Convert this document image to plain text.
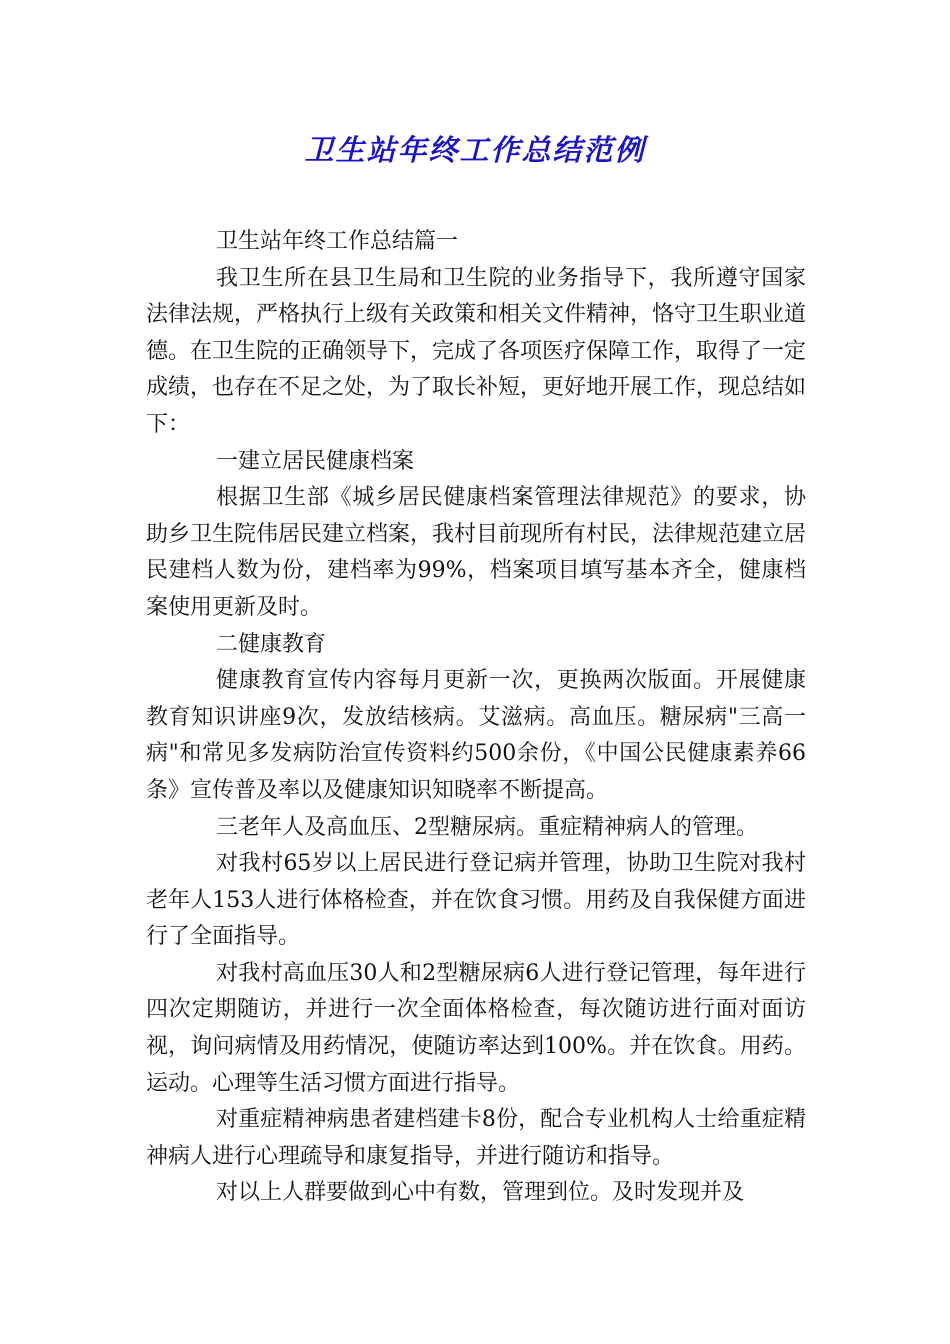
卫生站年终工作总结范例

卫生站年终工作总结篇一

我卫生所在县卫生局和卫生院的业务指导下，我所遵守国家法律法规，严格执行上级有关政策和相关文件精神，恪守卫生职业道德。在卫生院的正确领导下，完成了各项医疗保障工作，取得了一定成绩，也存在不足之处，为了取长补短，更好地开展工作，现总结如下：

一建立居民健康档案

根据卫生部《城乡居民健康档案管理法律规范》的要求，协助乡卫生院伟居民建立档案，我村目前现所有村民，法律规范建立居民建档人数为份，建档率为99%，档案项目填写基本齐全，健康档案使用更新及时。

二健康教育

健康教育宣传内容每月更新一次，更换两次版面。开展健康教育知识讲座9次，发放结核病。艾滋病。高血压。糖尿病"三高一病"和常见多发病防治宣传资料约500余份，《中国公民健康素养66条》宣传普及率以及健康知识知晓率不断提高。

三老年人及高血压、2型糖尿病。重症精神病人的管理。

对我村65岁以上居民进行登记病并管理，协助卫生院对我村老年人153人进行体格检查，并在饮食习惯。用药及自我保健方面进行了全面指导。

对我村高血压30人和2型糖尿病6人进行登记管理，每年进行四次定期随访，并进行一次全面体格检查，每次随访进行面对面访视，询问病情及用药情况，使随访率达到100%。并在饮食。用药。运动。心理等生活习惯方面进行指导。

对重症精神病患者建档建卡8份，配合专业机构人士给重症精神病人进行心理疏导和康复指导，并进行随访和指导。

对以上人群要做到心中有数，管理到位。及时发现并及
